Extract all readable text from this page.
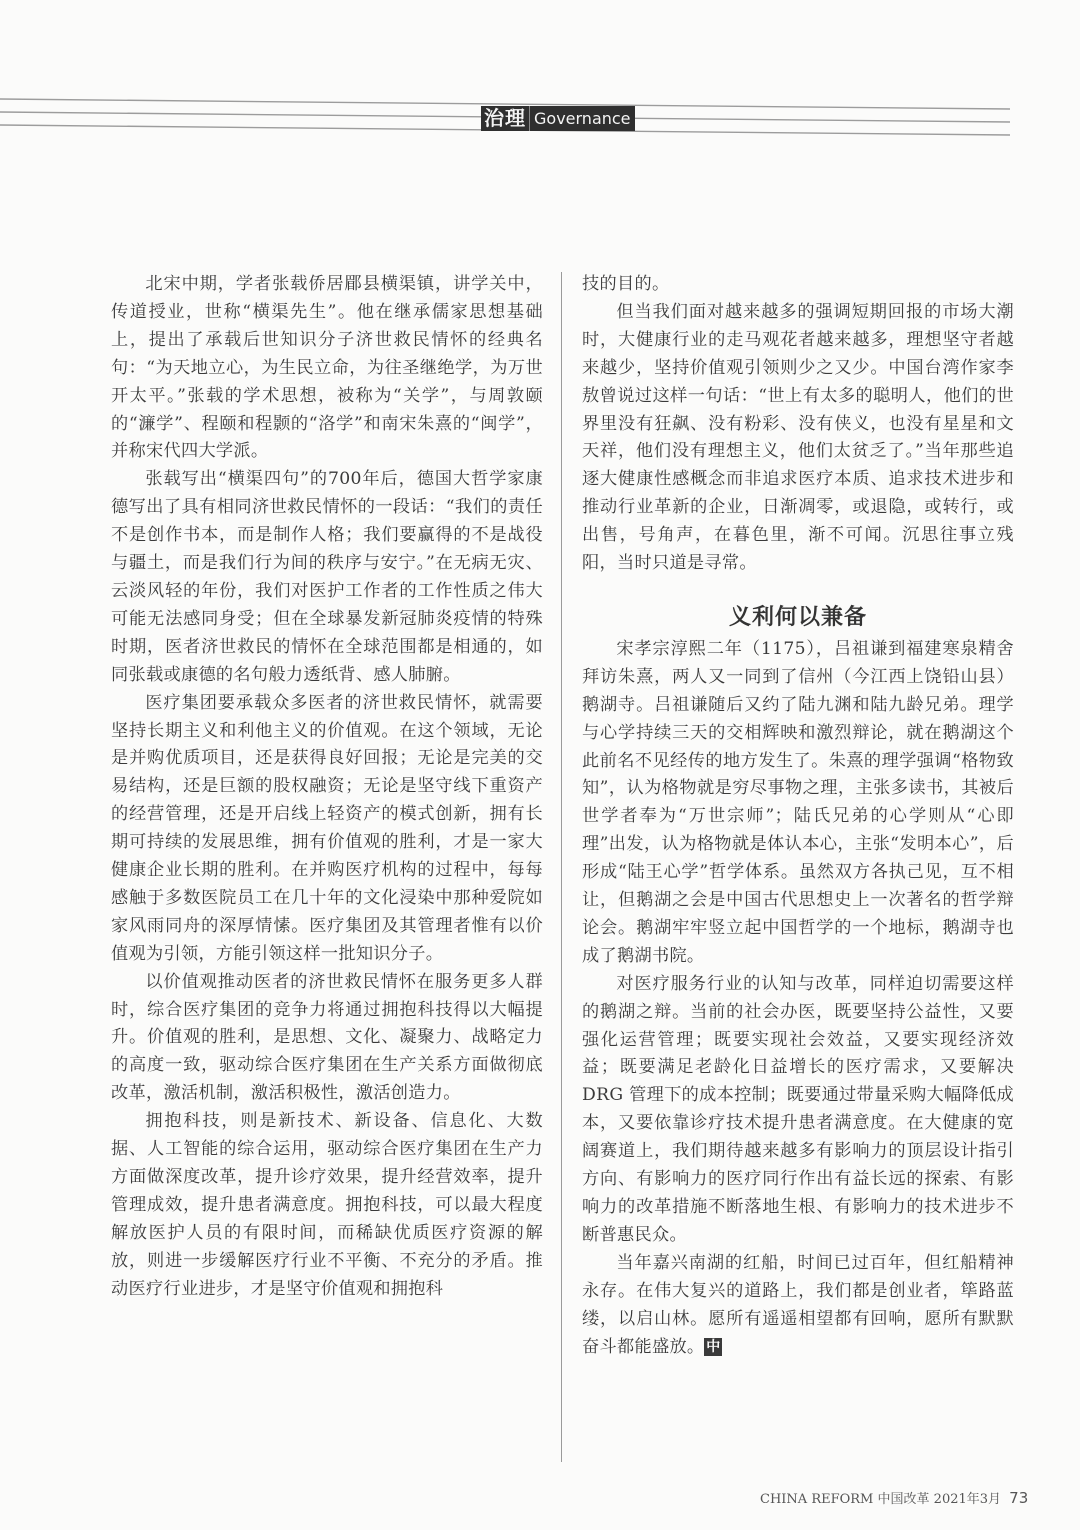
治理 Governance

北宋中期，学者张载侨居郿县横渠镇，讲学关中，传道授业，世称“横渠先生”。他在继承儒家思想基础上，提出了承载后世知识分子济世救民情怀的经典名句：“为天地立心，为生民立命，为往圣继绝学，为万世开太平。”张载的学术思想，被称为“关学”，与周敦颐的“濂学”、程颐和程颢的“洛学”和南宋朱熹的“闽学”，并称宋代四大学派。

张载写出“横渠四句”的700年后，德国大哲学家康德写出了具有相同济世救民情怀的一段话：“我们的责任不是创作书本，而是制作人格；我们要赢得的不是战役与疆土，而是我们行为间的秩序与安宁。”在无病无灾、云淡风轻的年份，我们对医护工作者的工作性质之伟大可能无法感同身受；但在全球暴发新冠肺炎疫情的特殊时期，医者济世救民的情怀在全球范围都是相通的，如同张载或康德的名句般力透纸背、感人肺腑。

医疗集团要承载众多医者的济世救民情怀，就需要坚持长期主义和利他主义的价值观。在这个领域，无论是并购优质项目，还是获得良好回报；无论是完美的交易结构，还是巨额的股权融资；无论是坚守线下重资产的经营管理，还是开启线上轻资产的模式创新，拥有长期可持续的发展思维，拥有价值观的胜利，才是一家大健康企业长期的胜利。在并购医疗机构的过程中，每每感触于多数医院员工在几十年的文化浸染中那种爱院如家风雨同舟的深厚情愫。医疗集团及其管理者惟有以价值观为引领，方能引领这样一批知识分子。

以价值观推动医者的济世救民情怀在服务更多人群时，综合医疗集团的竞争力将通过拥抱科技得以大幅提升。价值观的胜利，是思想、文化、凝聚力、战略定力的高度一致，驱动综合医疗集团在生产关系方面做彻底改革，激活机制，激活积极性，激活创造力。

拥抱科技，则是新技术、新设备、信息化、大数据、人工智能的综合运用，驱动综合医疗集团在生产力方面做深度改革，提升诊疗效果，提升经营效率，提升管理成效，提升患者满意度。拥抱科技，可以最大程度解放医护人员的有限时间，而稀缺优质医疗资源的解放，则进一步缓解医疗行业不平衡、不充分的矛盾。推动医疗行业进步，才是坚守价值观和拥抱科

技的目的。

但当我们面对越来越多的强调短期回报的市场大潮时，大健康行业的走马观花者越来越多，理想坚守者越来越少，坚持价值观引领则少之又少。中国台湾作家李敖曾说过这样一句话：“世上有太多的聪明人，他们的世界里没有狂飙、没有粉彩、没有侠义，也没有星星和文天祥，他们没有理想主义，他们太贫乏了。”当年那些追逐大健康性感概念而非追求医疗本质、追求技术进步和推动行业革新的企业，日渐凋零，或退隐，或转行，或出售，号角声，在暮色里，渐不可闻。沉思往事立残阳，当时只道是寻常。

义利何以兼备

宋孝宗淳熙二年（1175），吕祖谦到福建寒泉精舍拜访朱熹，两人又一同到了信州（今江西上饶铅山县）鹅湖寺。吕祖谦随后又约了陆九渊和陆九龄兄弟。理学与心学持续三天的交相辉映和激烈辩论，就在鹅湖这个此前名不见经传的地方发生了。朱熹的理学强调“格物致知”，认为格物就是穷尽事物之理，主张多读书，其被后世学者奉为“万世宗师”；陆氏兄弟的心学则从“心即理”出发，认为格物就是体认本心，主张“发明本心”，后形成“陆王心学”哲学体系。虽然双方各执己见，互不相让，但鹅湖之会是中国古代思想史上一次著名的哲学辩论会。鹅湖牢牢竖立起中国哲学的一个地标，鹅湖寺也成了鹅湖书院。

对医疗服务行业的认知与改革，同样迫切需要这样的鹅湖之辩。当前的社会办医，既要坚持公益性，又要强化运营管理；既要实现社会效益，又要实现经济效益；既要满足老龄化日益增长的医疗需求，又要解决 DRG 管理下的成本控制；既要通过带量采购大幅降低成本，又要依靠诊疗技术提升患者满意度。在大健康的宽阔赛道上，我们期待越来越多有影响力的顶层设计指引方向、有影响力的医疗同行作出有益长远的探索、有影响力的改革措施不断落地生根、有影响力的技术进步不断普惠民众。

当年嘉兴南湖的红船，时间已过百年，但红船精神永存。在伟大复兴的道路上，我们都是创业者，筚路蓝缕，以启山林。愿所有遥遥相望都有回响，愿所有默默奋斗都能盛放。 中

CHINA REFORM 中国改革 2021年3月 73
